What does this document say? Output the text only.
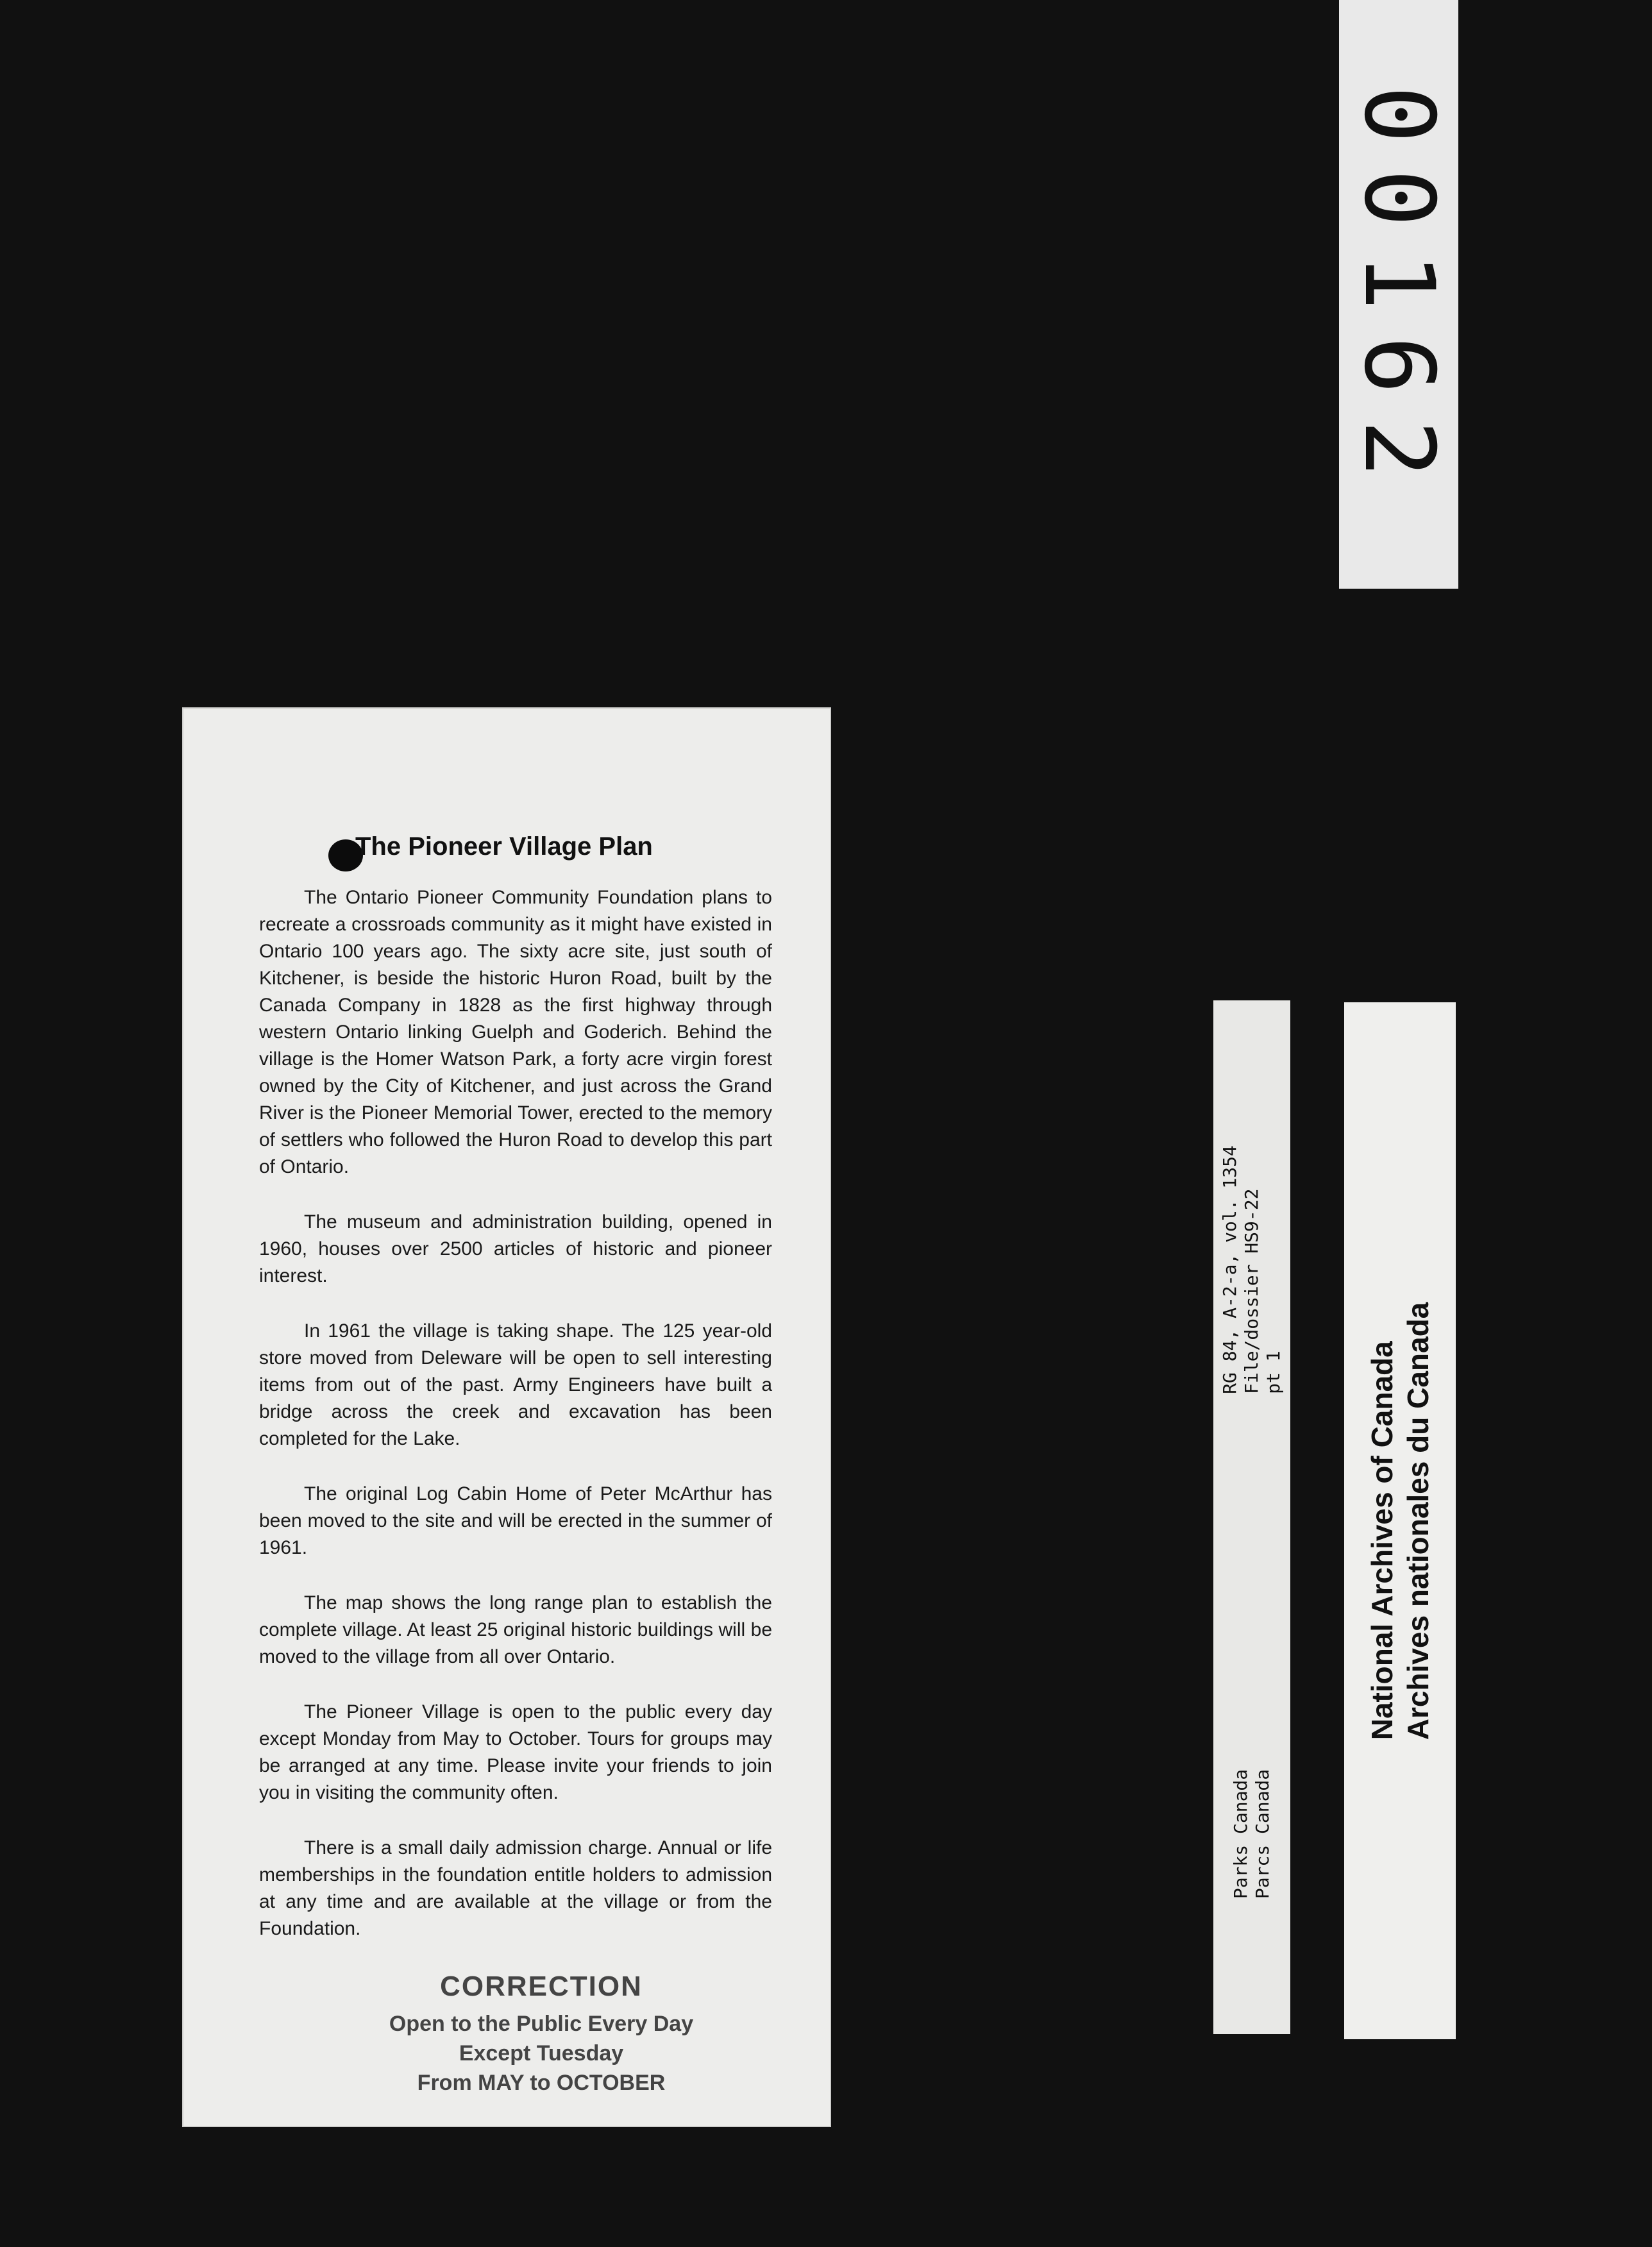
00162
The Pioneer Village Plan

The Ontario Pioneer Community Foundation plans to recreate a crossroads community as it might have existed in Ontario 100 years ago. The sixty acre site, just south of Kitchener, is beside the historic Huron Road, built by the Canada Company in 1828 as the first highway through western Ontario linking Guelph and Goderich. Behind the village is the Homer Watson Park, a forty acre virgin forest owned by the City of Kitchener, and just across the Grand River is the Pioneer Memorial Tower, erected to the memory of settlers who followed the Huron Road to develop this part of Ontario.

The museum and administration building, opened in 1960, houses over 2500 articles of historic and pioneer interest.

In 1961 the village is taking shape. The 125 year-old store moved from Deleware will be open to sell interesting items from out of the past. Army Engineers have built a bridge across the creek and excavation has been completed for the Lake.

The original Log Cabin Home of Peter McArthur has been moved to the site and will be erected in the summer of 1961.

The map shows the long range plan to establish the complete village. At least 25 original historic buildings will be moved to the village from all over Ontario.

The Pioneer Village is open to the public every day except Monday from May to October. Tours for groups may be arranged at any time. Please invite your friends to join you in visiting the community often.

There is a small daily admission charge. Annual or life memberships in the foundation entitle holders to admission at any time and are available at the village or from the Foundation.

CORRECTION
Open to the Public Every Day
Except Tuesday
From MAY to OCTOBER
RG 84, A-2-a, vol. 1354 File/dossier HS9-22 pt 1
Parks Canada Parcs Canada
National Archives of Canada Archives nationales du Canada
